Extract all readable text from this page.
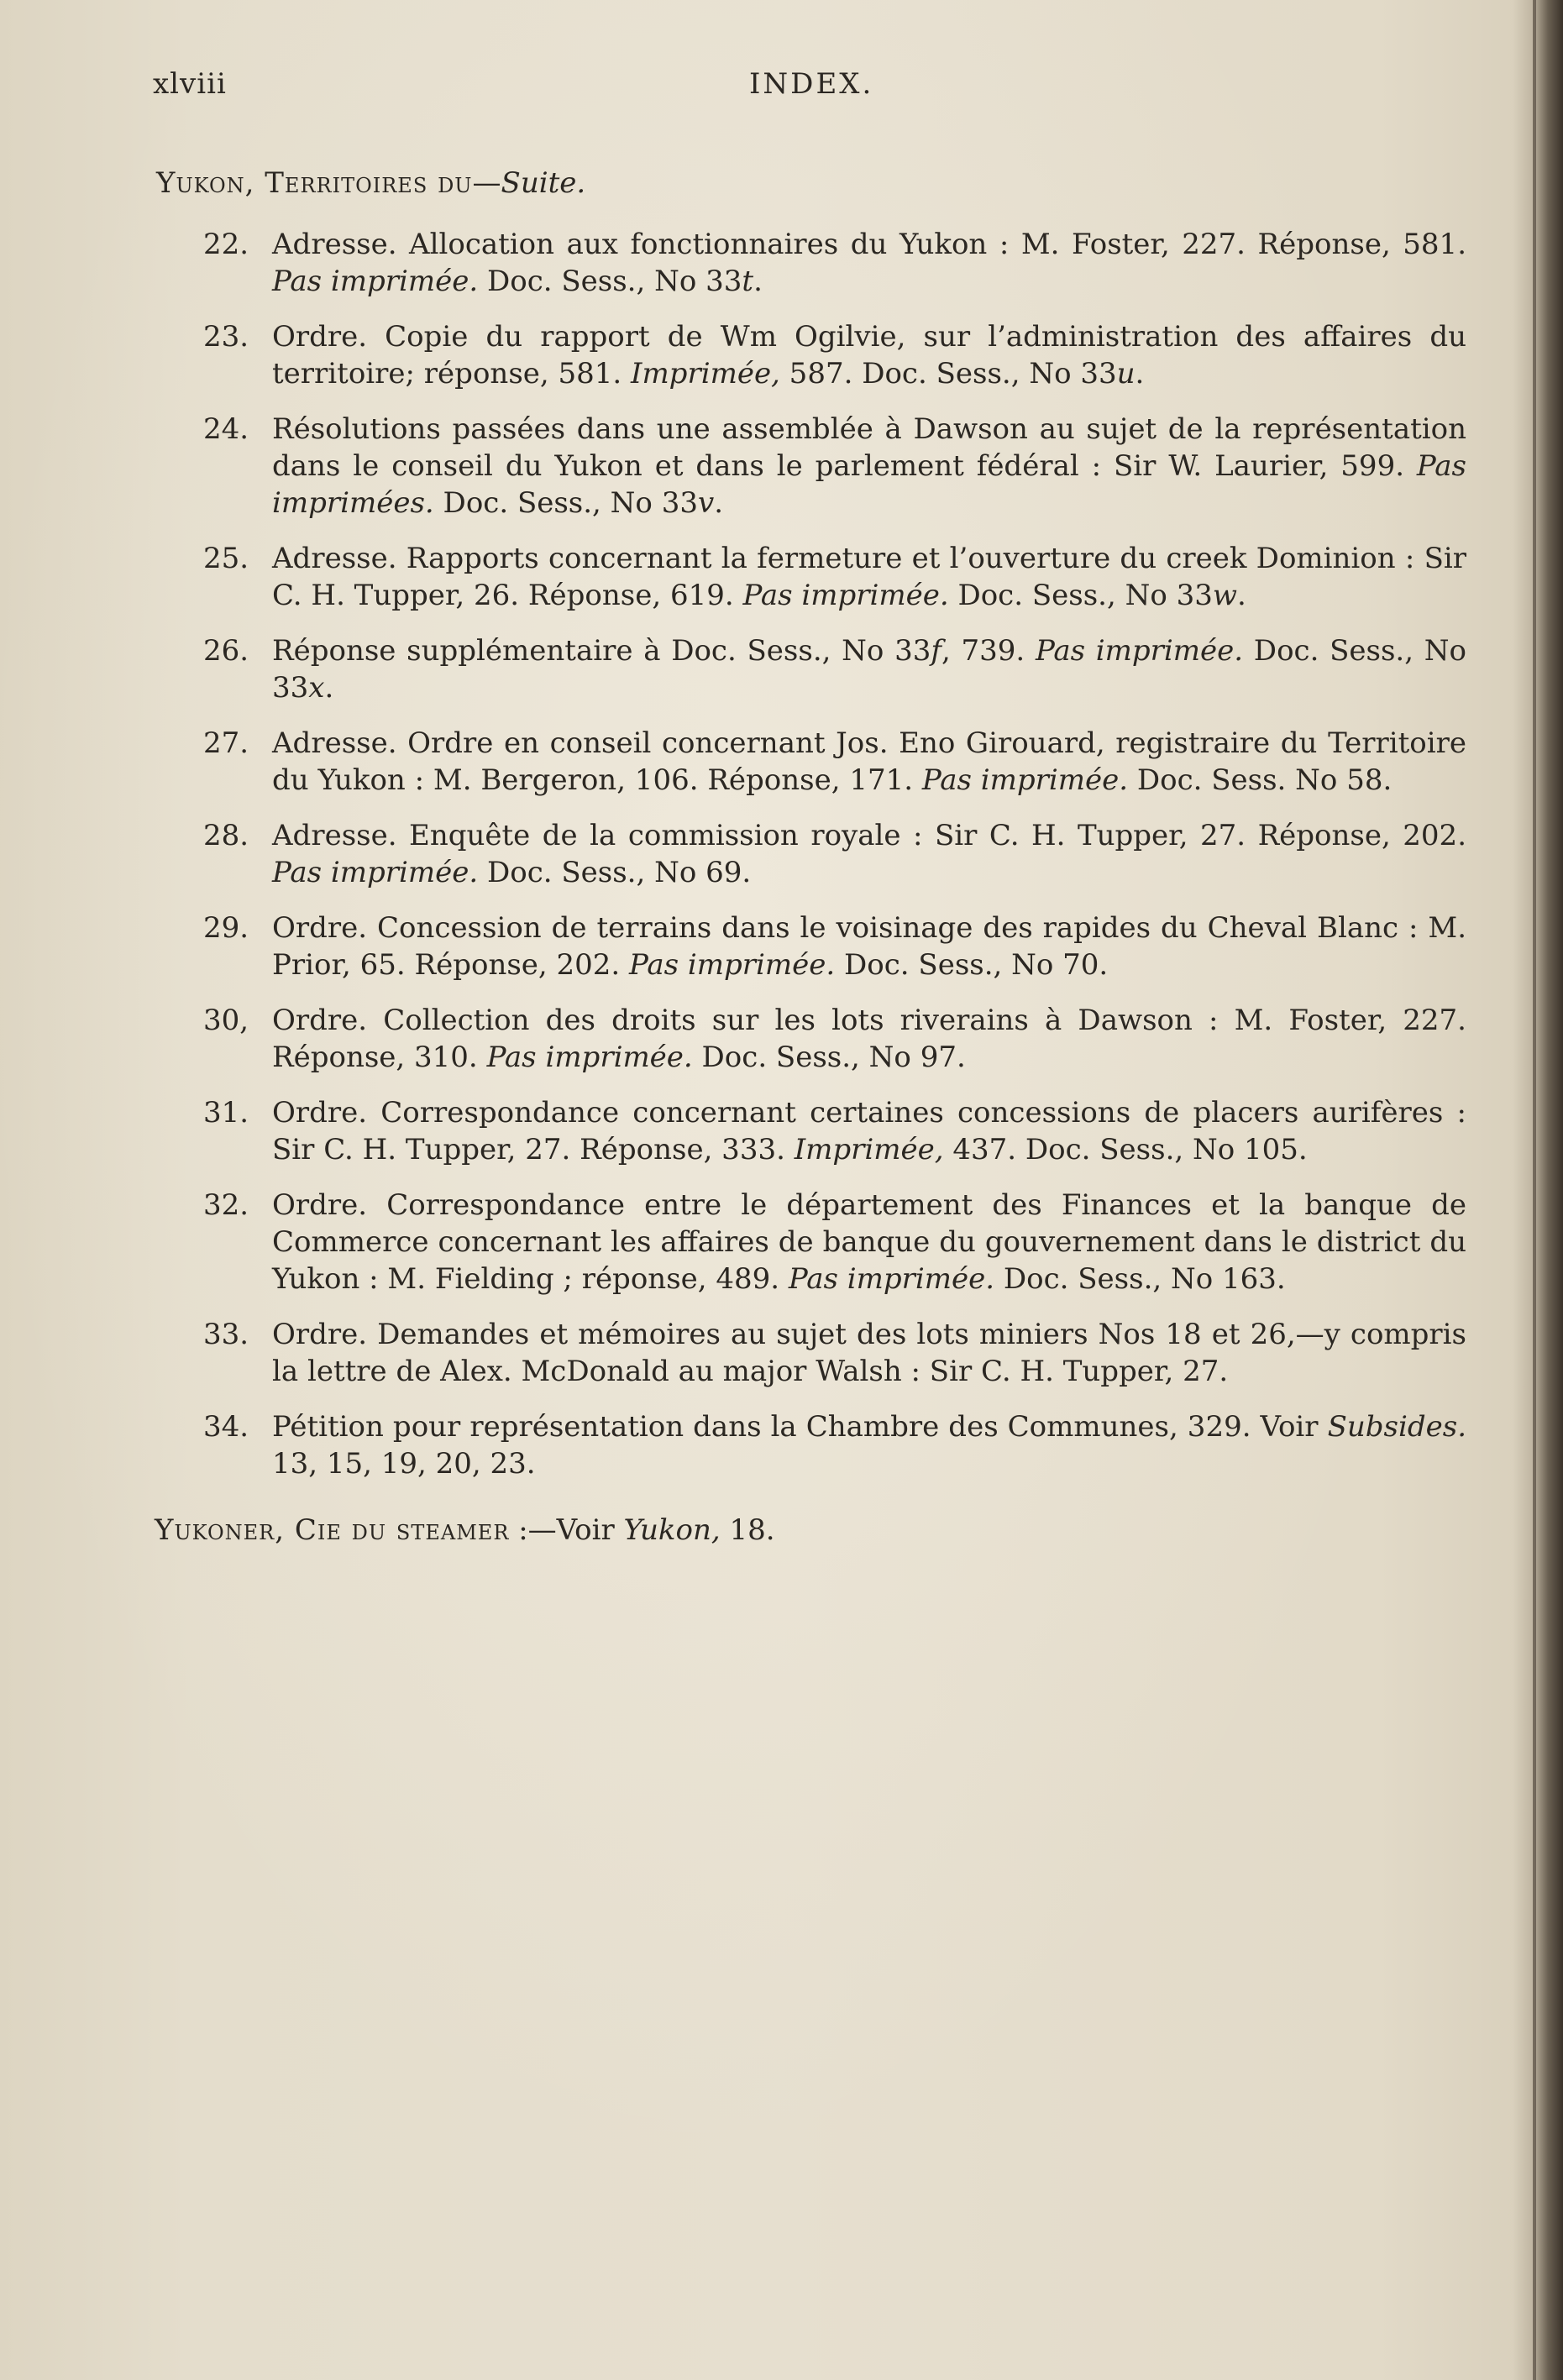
xlviii	INDEX.
Yukon, Territoires du—Suite.
22. Adresse. Allocation aux fonctionnaires du Yukon : M. Foster, 227. Réponse, 581. Pas imprimée. Doc. Sess., No 33t.
23. Ordre. Copie du rapport de Wm Ogilvie, sur l’administration des affaires du territoire; réponse, 581. Imprimée, 587. Doc. Sess., No 33u.
24. Résolutions passées dans une assemblée à Dawson au sujet de la représentation dans le conseil du Yukon et dans le parlement fédéral : Sir W. Laurier, 599. Pas imprimées. Doc. Sess., No 33v.
25. Adresse. Rapports concernant la fermeture et l’ouverture du creek Dominion : Sir C. H. Tupper, 26. Réponse, 619. Pas imprimée. Doc. Sess., No 33w.
26. Réponse supplémentaire à Doc. Sess., No 33f, 739. Pas imprimée. Doc. Sess., No 33x.
27. Adresse. Ordre en conseil concernant Jos. Eno Girouard, registraire du Territoire du Yukon : M. Bergeron, 106. Réponse, 171. Pas imprimée. Doc. Sess. No 58.
28. Adresse. Enquête de la commission royale : Sir C. H. Tupper, 27. Réponse, 202. Pas imprimée. Doc. Sess., No 69.
29. Ordre. Concession de terrains dans le voisinage des rapides du Cheval Blanc : M. Prior, 65. Réponse, 202. Pas imprimée. Doc. Sess., No 70.
30, Ordre. Collection des droits sur les lots riverains à Dawson : M. Foster, 227. Réponse, 310. Pas imprimée. Doc. Sess., No 97.
31. Ordre. Correspondance concernant certaines concessions de placers aurifères : Sir C. H. Tupper, 27. Réponse, 333. Imprimée, 437. Doc. Sess., No 105.
32. Ordre. Correspondance entre le département des Finances et la banque de Commerce concernant les affaires de banque du gouvernement dans le district du Yukon : M. Fielding ; réponse, 489. Pas imprimée. Doc. Sess., No 163.
33. Ordre. Demandes et mémoires au sujet des lots miniers Nos 18 et 26,—y compris la lettre de Alex. McDonald au major Walsh : Sir C. H. Tupper, 27.
34. Pétition pour représentation dans la Chambre des Communes, 329. Voir Subsides. 13, 15, 19, 20, 23.
Yukoner, Cie du steamer :—Voir Yukon, 18.
